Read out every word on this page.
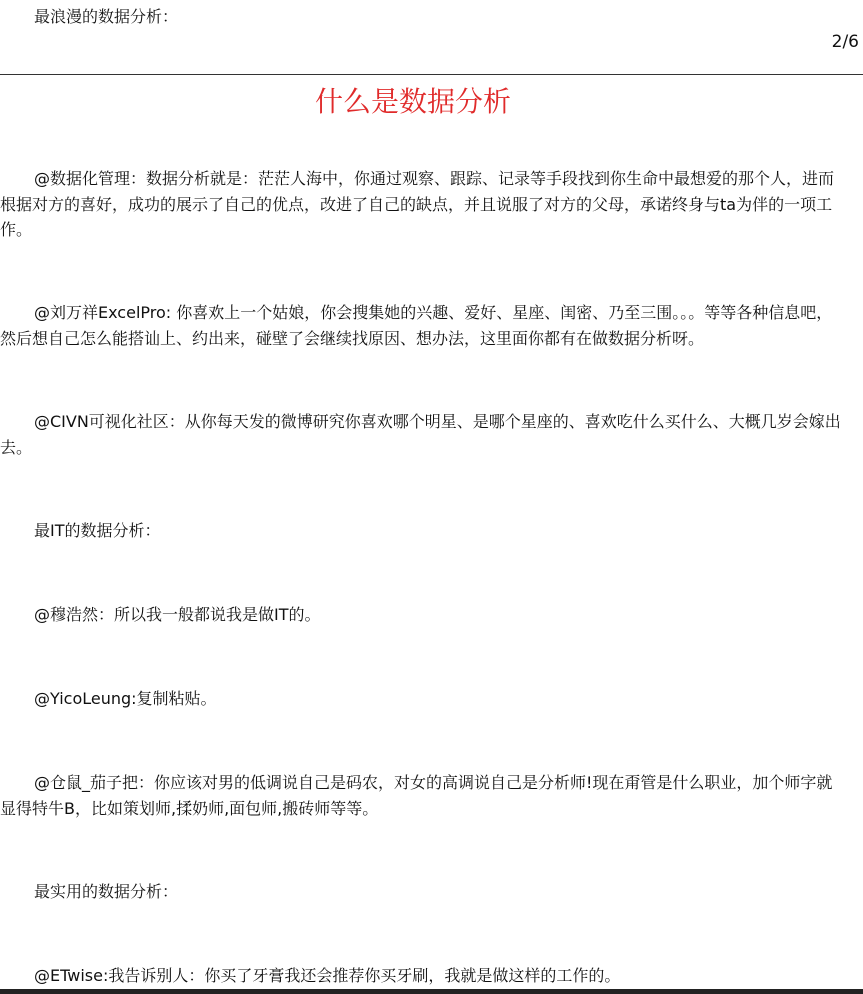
最浪漫的数据分析：
2/6
什么是数据分析

@数据化管理：数据分析就是：茫茫人海中，你通过观察、跟踪、记录等手段找到你生命中最想爱的那个人，进而根据对方的喜好，成功的展示了自己的优点，改进了自己的缺点，并且说服了对方的父母，承诺终身与ta为伴的一项工作。

@刘万祥ExcelPro: 你喜欢上一个姑娘，你会搜集她的兴趣、爱好、星座、闺密、乃至三围。。。等等各种信息吧，然后想自己怎么能搭讪上、约出来，碰壁了会继续找原因、想办法，这里面你都有在做数据分析呀。

@CIVN可视化社区：从你每天发的微博研究你喜欢哪个明星、是哪个星座的、喜欢吃什么买什么、大概几岁会嫁出去。

最IT的数据分析：

@穆浩然：所以我一般都说我是做IT的。

@YicoLeung:复制粘贴。

@仓鼠_茄子把：你应该对男的低调说自己是码农，对女的高调说自己是分析师!现在甭管是什么职业，加个师字就显得特牛B，比如策划师,揉奶师,面包师,搬砖师等等。

最实用的数据分析：

@ETwise:我告诉别人：你买了牙膏我还会推荐你买牙刷，我就是做这样的工作的。
